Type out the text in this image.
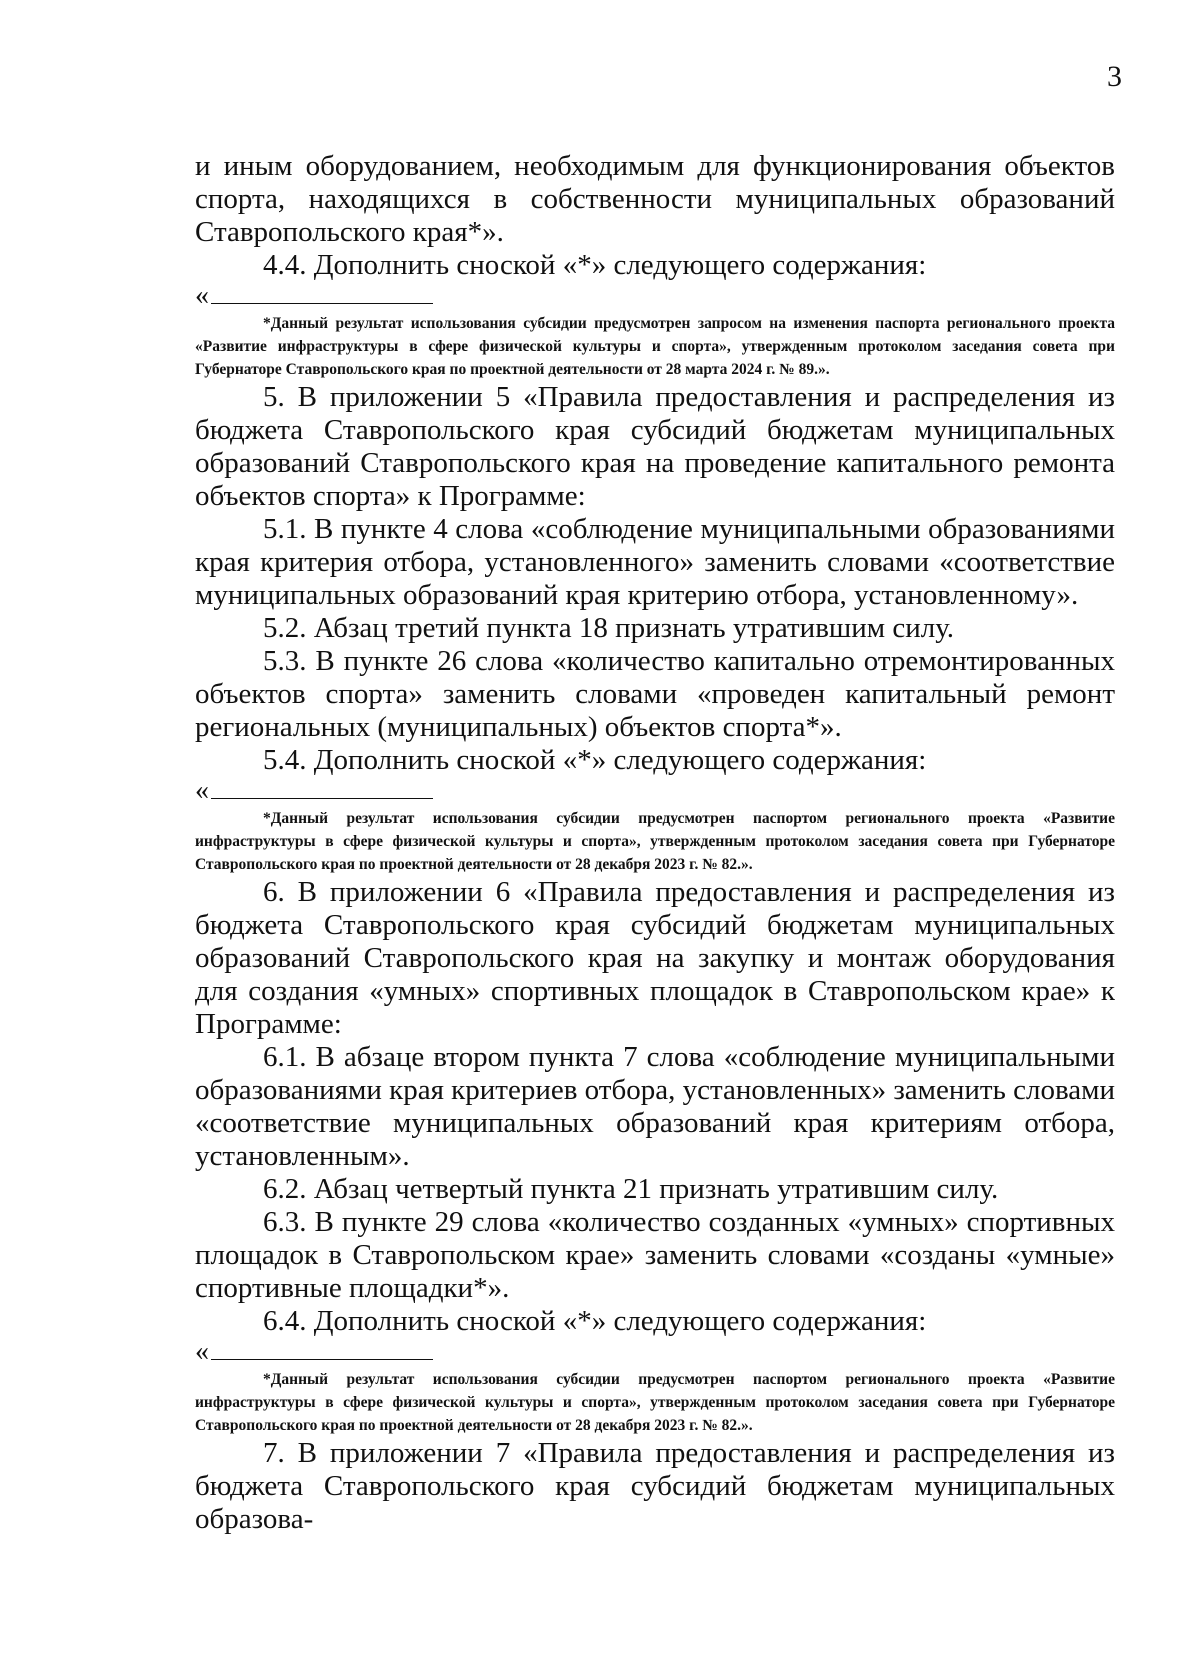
3

и иным оборудованием, необходимым для функционирования объектов спорта, находящихся в собственности муниципальных образований Ставропольского края*».

4.4. Дополнить сноской «*» следующего содержания:

«

*Данный результат использования субсидии предусмотрен запросом на изменения паспорта регионального проекта «Развитие инфраструктуры в сфере физической культуры и спорта», утвержденным протоколом заседания совета при Губернаторе Ставропольского края по проектной деятельности от 28 марта 2024 г. № 89.».

5. В приложении 5 «Правила предоставления и распределения из бюджета Ставропольского края субсидий бюджетам муниципальных образований Ставропольского края на проведение капитального ремонта объектов спорта» к Программе:

5.1. В пункте 4 слова «соблюдение муниципальными образованиями края критерия отбора, установленного» заменить словами «соответствие муниципальных образований края критерию отбора, установленному».

5.2. Абзац третий пункта 18 признать утратившим силу.

5.3. В пункте 26 слова «количество капитально отремонтированных объектов спорта» заменить словами «проведен капитальный ремонт региональных (муниципальных) объектов спорта*».

5.4. Дополнить сноской «*» следующего содержания:

«

*Данный результат использования субсидии предусмотрен паспортом регионального проекта «Развитие инфраструктуры в сфере физической культуры и спорта», утвержденным протоколом заседания совета при Губернаторе Ставропольского края по проектной деятельности от 28 декабря 2023 г. № 82.».

6. В приложении 6 «Правила предоставления и распределения из бюджета Ставропольского края субсидий бюджетам муниципальных образований Ставропольского края на закупку и монтаж оборудования для создания «умных» спортивных площадок в Ставропольском крае» к Программе:

6.1. В абзаце втором пункта 7 слова «соблюдение муниципальными образованиями края критериев отбора, установленных» заменить словами «соответствие муниципальных образований края критериям отбора, установленным».

6.2. Абзац четвертый пункта 21 признать утратившим силу.

6.3. В пункте 29 слова «количество созданных «умных» спортивных площадок в Ставропольском крае» заменить словами «созданы «умные» спортивные площадки*».

6.4. Дополнить сноской «*» следующего содержания:

«

*Данный результат использования субсидии предусмотрен паспортом регионального проекта «Развитие инфраструктуры в сфере физической культуры и спорта», утвержденным протоколом заседания совета при Губернаторе Ставропольского края по проектной деятельности от 28 декабря 2023 г. № 82.».

7. В приложении 7 «Правила предоставления и распределения из бюджета Ставропольского края субсидий бюджетам муниципальных образова-
